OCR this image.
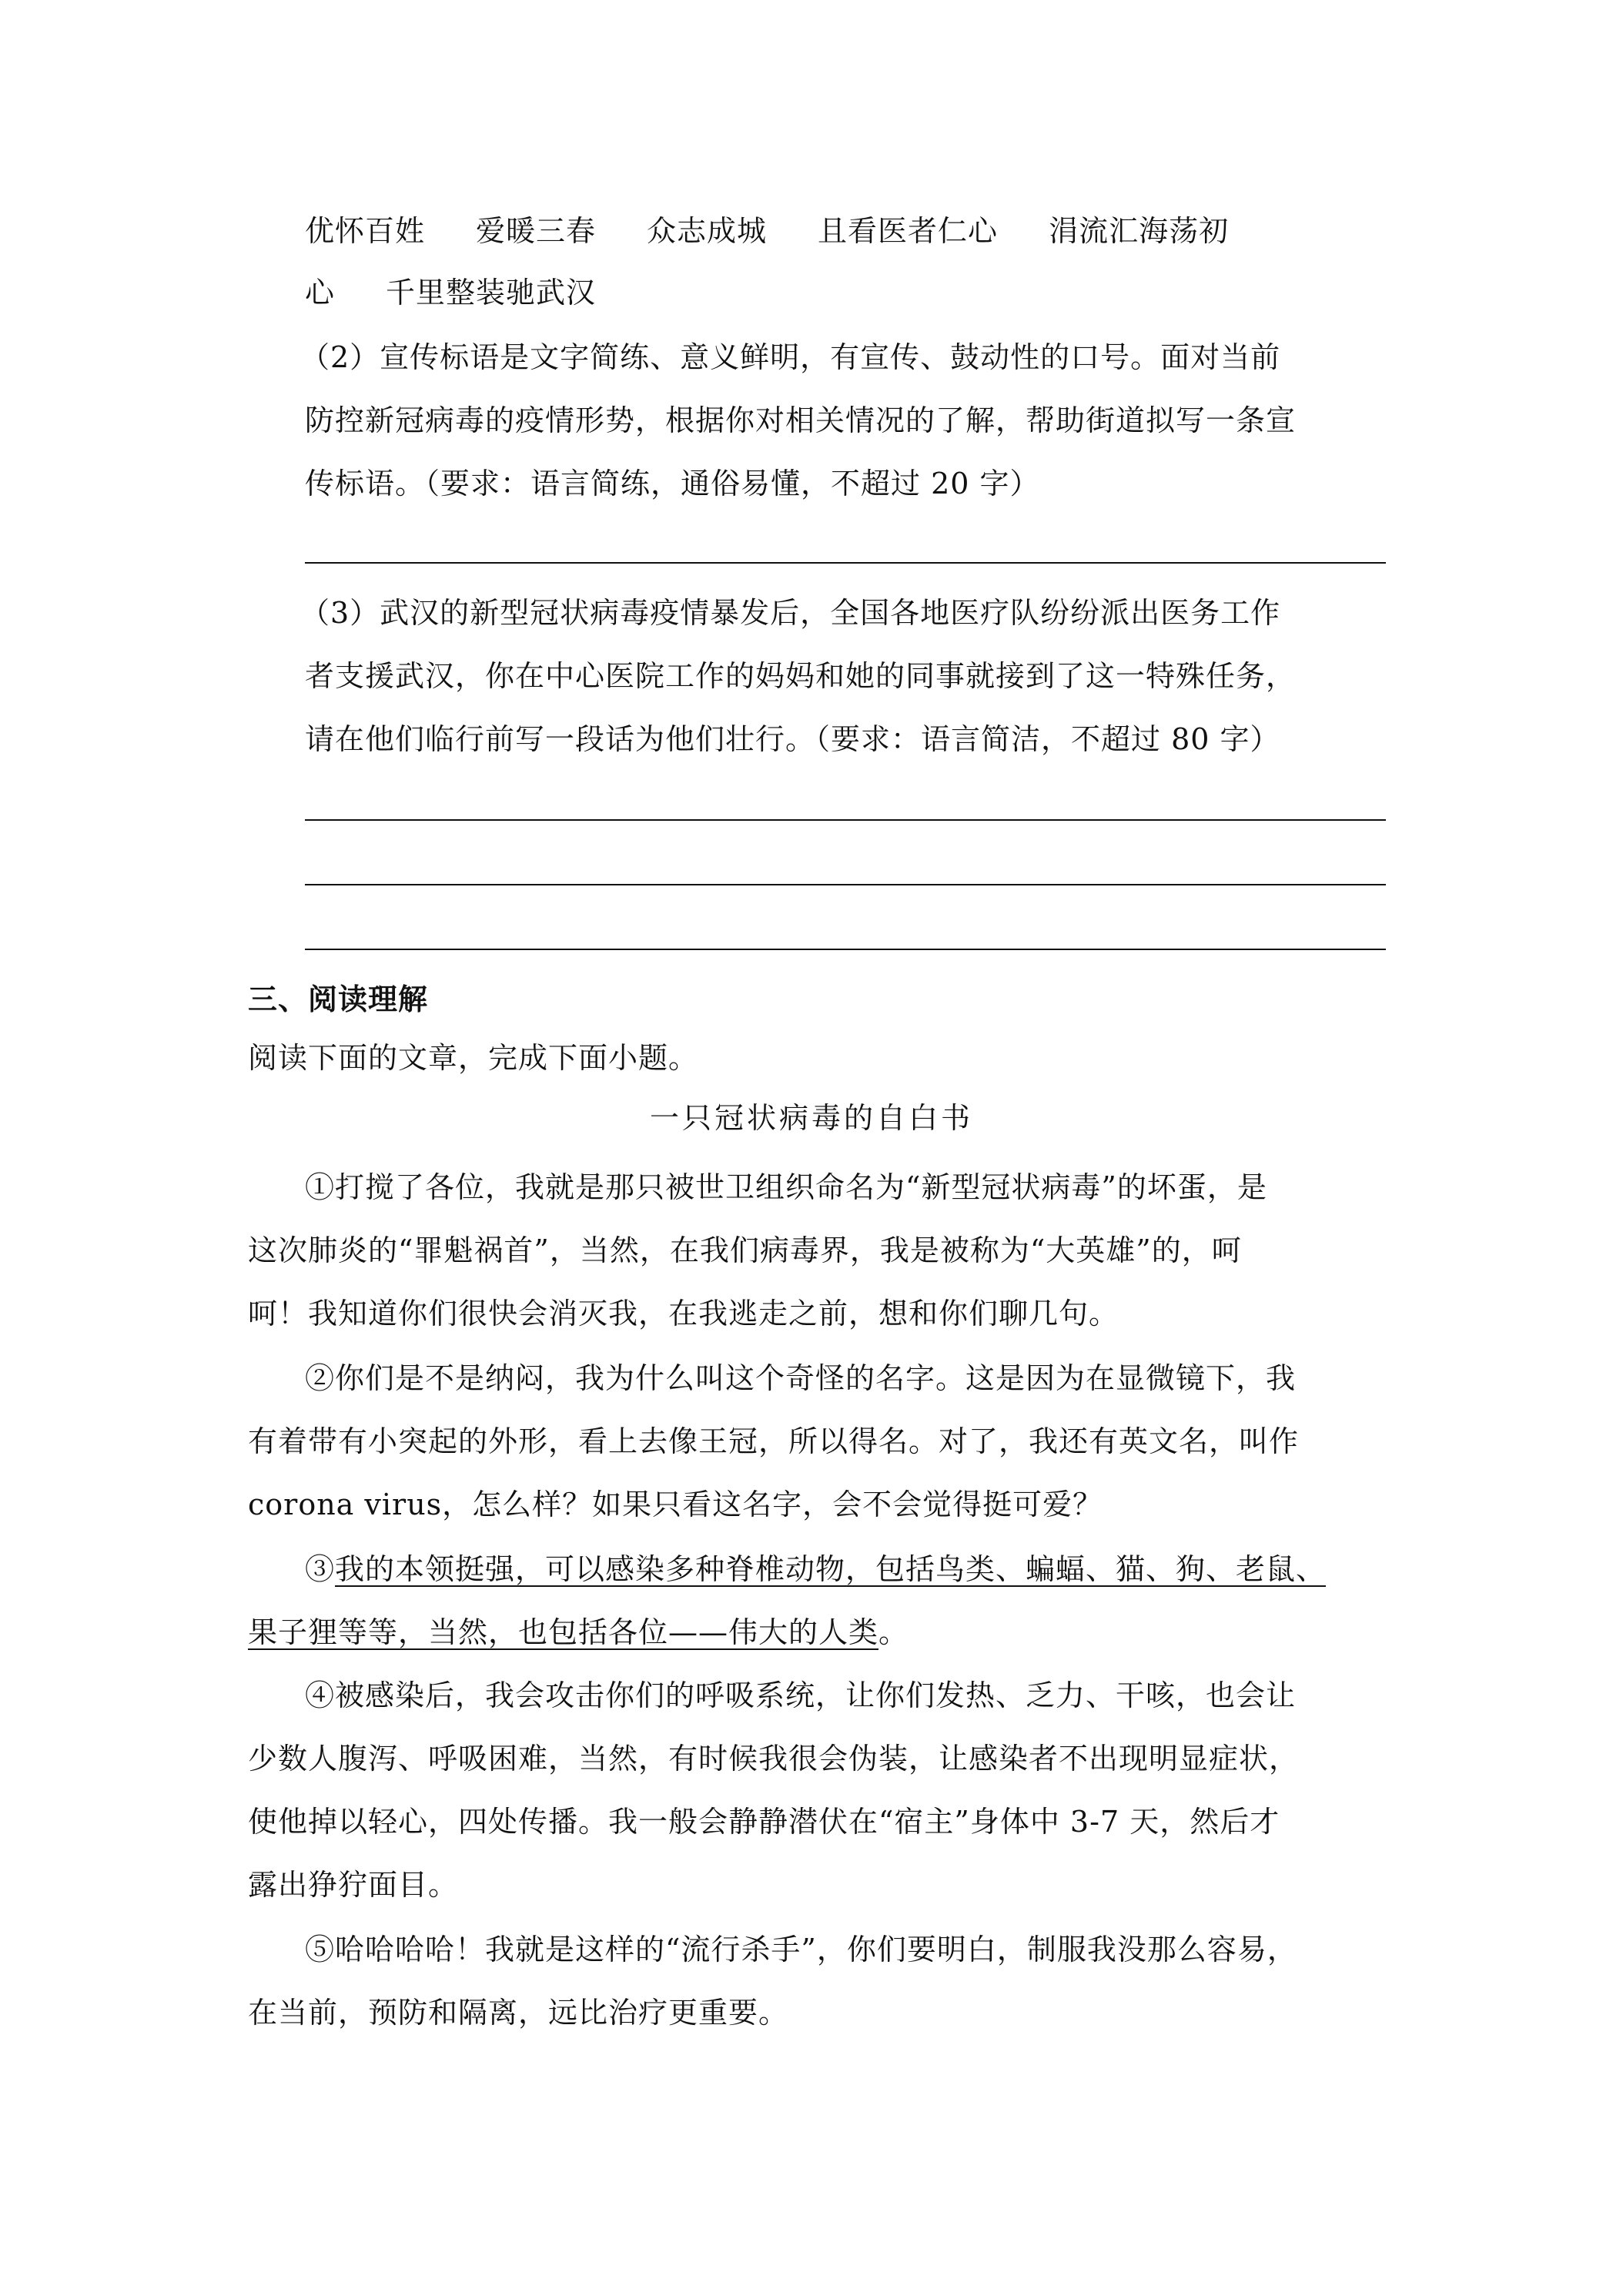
优怀百姓 爱暖三春 众志成城 且看医者仁心 涓流汇海荡初
心 千里整装驰武汉
（2）宣传标语是文字简练、意义鲜明，有宣传、鼓动性的口号。面对当前
防控新冠病毒的疫情形势，根据你对相关情况的了解，帮助街道拟写一条宣
传标语。（要求：语言简练，通俗易懂，不超过 20 字）
（3）武汉的新型冠状病毒疫情暴发后，全国各地医疗队纷纷派出医务工作
者支援武汉，你在中心医院工作的妈妈和她的同事就接到了这一特殊任务，
请在他们临行前写一段话为他们壮行。（要求：语言简洁，不超过 80 字）
三、阅读理解
阅读下面的文章，完成下面小题。
一只冠状病毒的自白书
①打搅了各位，我就是那只被世卫组织命名为“新型冠状病毒”的坏蛋，是
这次肺炎的“罪魁祸首”，当然，在我们病毒界，我是被称为“大英雄”的，呵
呵！我知道你们很快会消灭我，在我逃走之前，想和你们聊几句。
②你们是不是纳闷，我为什么叫这个奇怪的名字。这是因为在显微镜下，我
有着带有小突起的外形，看上去像王冠，所以得名。对了，我还有英文名，叫作
corona virus，怎么样？如果只看这名字，会不会觉得挺可爱？
③我的本领挺强，可以感染多种脊椎动物，包括鸟类、蝙蝠、猫、狗、老鼠、
果子狸等等，当然，也包括各位——伟大的人类。
④被感染后，我会攻击你们的呼吸系统，让你们发热、乏力、干咳，也会让
少数人腹泻、呼吸困难，当然，有时候我很会伪装，让感染者不出现明显症状，
使他掉以轻心，四处传播。我一般会静静潜伏在“宿主”身体中 3-7 天，然后才
露出狰狞面目。
⑤哈哈哈哈！我就是这样的“流行杀手”，你们要明白，制服我没那么容易，
在当前，预防和隔离，远比治疗更重要。
